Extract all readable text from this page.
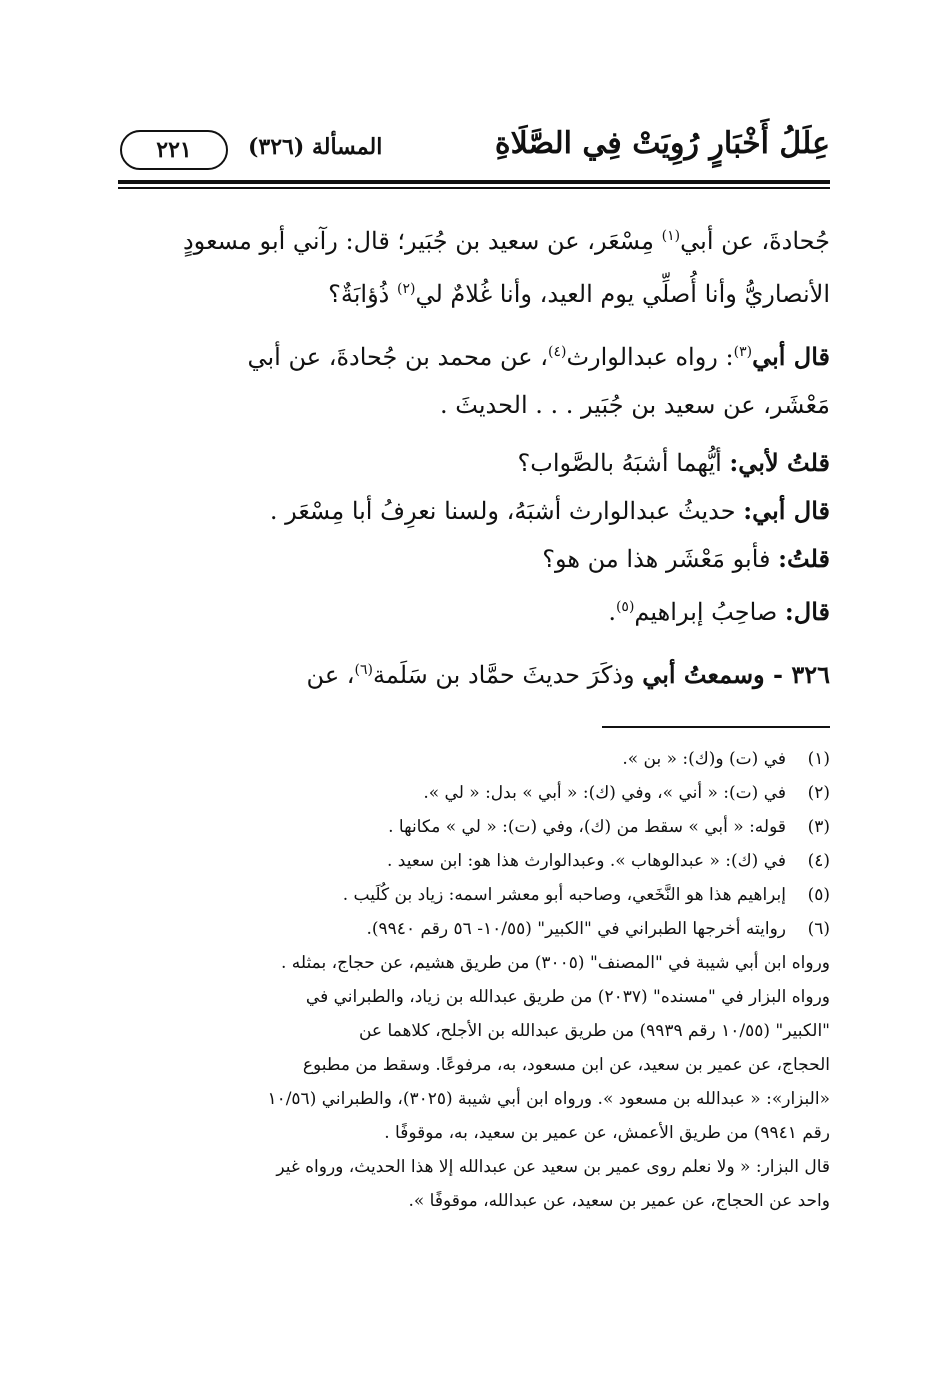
عِلَلُ أَخْبَارٍ رُوِيَتْ فِي الصَّلَاةِ
المسألة (٣٢٦)
٢٢١

جُحادةَ، عن أبي$^{(١)}$ مِسْعَر، عن سعيد بن جُبَير؛ قال: رآني أبو مسعودٍ
الأنصاريُّ وأنا أُصلِّي يوم العيد، وأنا غُلامٌ لي$^{(٢)}$ ذُؤابَةٌ؟

قال أبي$^{(٣)}$: رواه عبدالوارث$^{(٤)}$، عن محمد بن جُحادةَ، عن أبي
مَعْشَر، عن سعيد بن جُبَير . . . الحديثَ .

قلتُ لأبي: أيُّهما أشبَهُ بالصَّواب؟

قال أبي: حديثُ عبدالوارث أشبَهُ، ولسنا نعرِفُ أبا مِسْعَر .

قلتُ: فأبو مَعْشَر هذا من هو؟

قال: صاحِبُ إبراهيم$^{(٥)}$.

٣٢٦ - وسمعتُ أبي وذكَرَ حديثَ حمَّاد بن سَلَمة$^{(٦)}$، عن

(١)
في (ت) و(ك): « بن ».
(٢)
في (ت): « أني »، وفي (ك): « أبي » بدل: « لي ».
(٣)
قوله: « أبي » سقط من (ك)، وفي (ت): « لي » مكانها .
(٤)
في (ك): « عبدالوهاب ». وعبدالوارث هذا هو: ابن سعيد .
(٥)
إبراهيم هذا هو النَّخَعي، وصاحبه أبو معشر اسمه: زياد بن كُلَيب .
(٦)
روايته أخرجها الطبراني في "الكبير" (١٠/٥٥- ٥٦ رقم ٩٩٤٠).
ورواه ابن أبي شيبة في "المصنف" (٣٠٠٥) من طريق هشيم، عن حجاج، بمثله .
ورواه البزار في "مسنده" (٢٠٣٧) من طريق عبدالله بن زياد، والطبراني في
"الكبير" (١٠/٥٥ رقم ٩٩٣٩) من طريق عبدالله بن الأجلح، كلاهما عن
الحجاج، عن عمير بن سعيد، عن ابن مسعود، به، مرفوعًا. وسقط من مطبوع
«البزار»: « عبدالله بن مسعود ». ورواه ابن أبي شيبة (٣٠٢٥)، والطبراني (١٠/٥٦
رقم ٩٩٤١) من طريق الأعمش، عن عمير بن سعيد، به، موقوفًا .
قال البزار: « ولا نعلم روى عمير بن سعيد عن عبدالله إلا هذا الحديث، ورواه غير
واحد عن الحجاج، عن عمير بن سعيد، عن عبدالله، موقوفًا ».
